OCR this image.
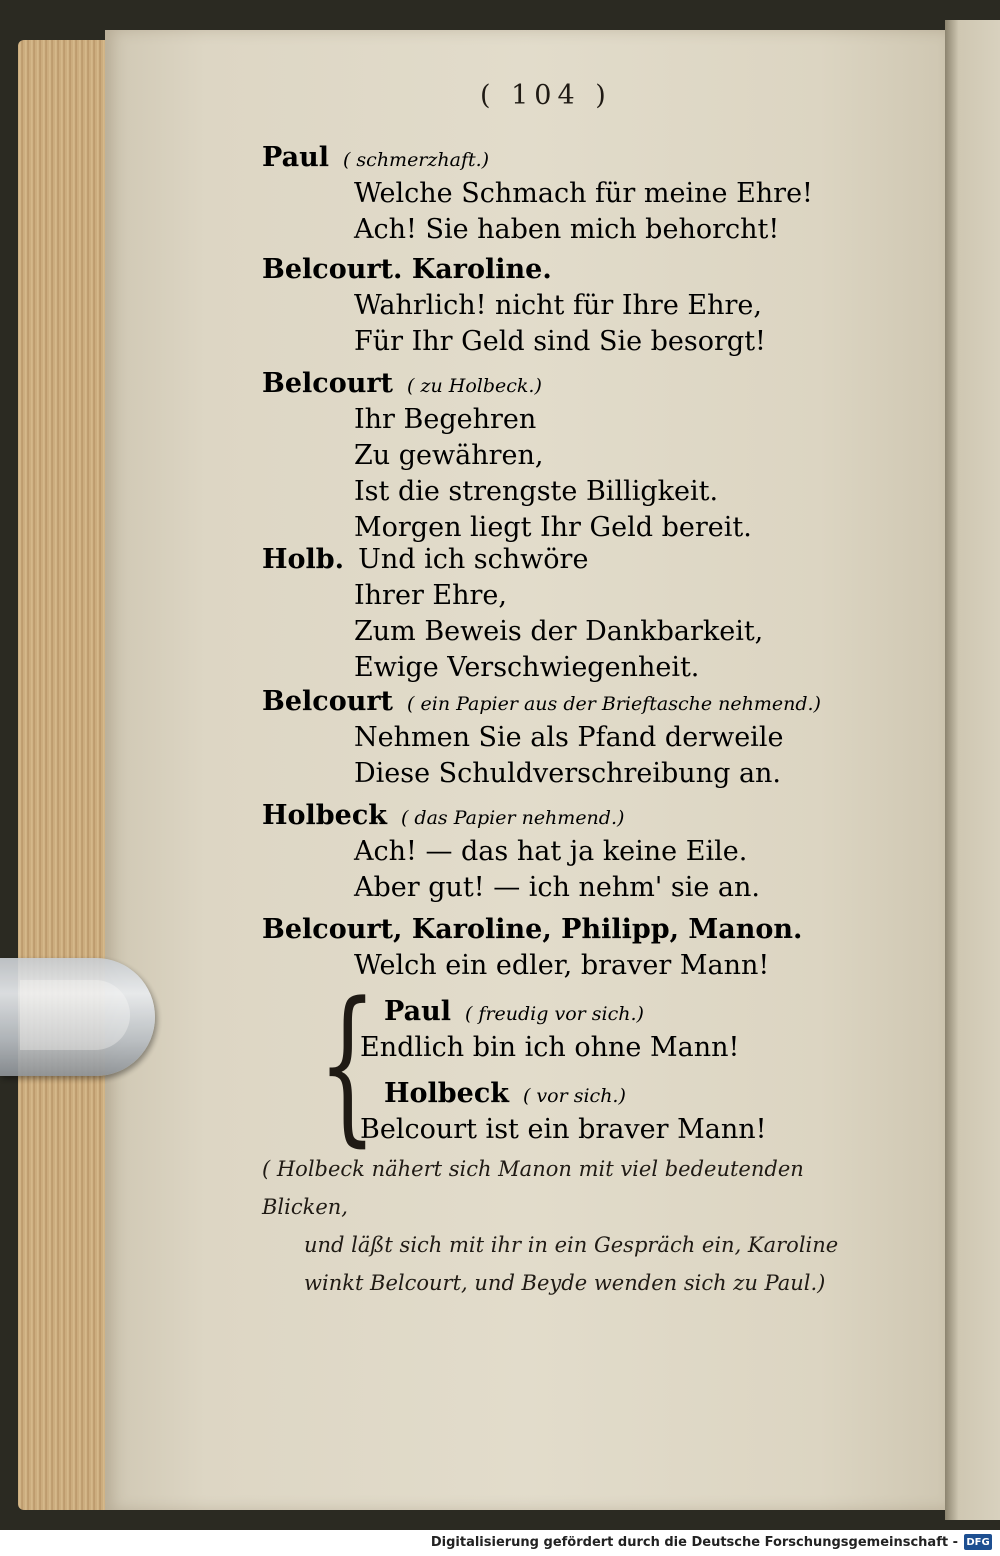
( 104 )
Paul ( schmerzhaft.)
Welche Schmach für meine Ehre!
Ach! Sie haben mich behorcht!
Belcourt. Karoline.
Wahrlich! nicht für Ihre Ehre,
Für Ihr Geld sind Sie besorgt!
Belcourt ( zu Holbeck.)
Ihr Begehren
Zu gewähren,
Ist die strengste Billigkeit.
Morgen liegt Ihr Geld bereit.
Holb. Und ich schwöre
Ihrer Ehre,
Zum Beweis der Dankbarkeit,
Ewige Verschwiegenheit.
Belcourt ( ein Papier aus der Brieftasche nehmend.)
Nehmen Sie als Pfand derweile
Diese Schuldverschreibung an.
Holbeck ( das Papier nehmend.)
Ach! — das hat ja keine Eile.
Aber gut! — ich nehm' sie an.
Belcourt, Karoline, Philipp, Manon.
Welch ein edler, braver Mann!
{ Paul ( freudig vor sich.)
Endlich bin ich ohne Mann!
Holbeck ( vor sich.)
Belcourt ist ein braver Mann!
( Holbeck nähert sich Manon mit viel bedeutenden Blicken,
und läßt sich mit ihr in ein Gespräch ein, Karoline
winkt Belcourt, und Beyde wenden sich zu Paul.)
Digitalisierung gefördert durch die Deutsche Forschungsgemeinschaft - DFG
